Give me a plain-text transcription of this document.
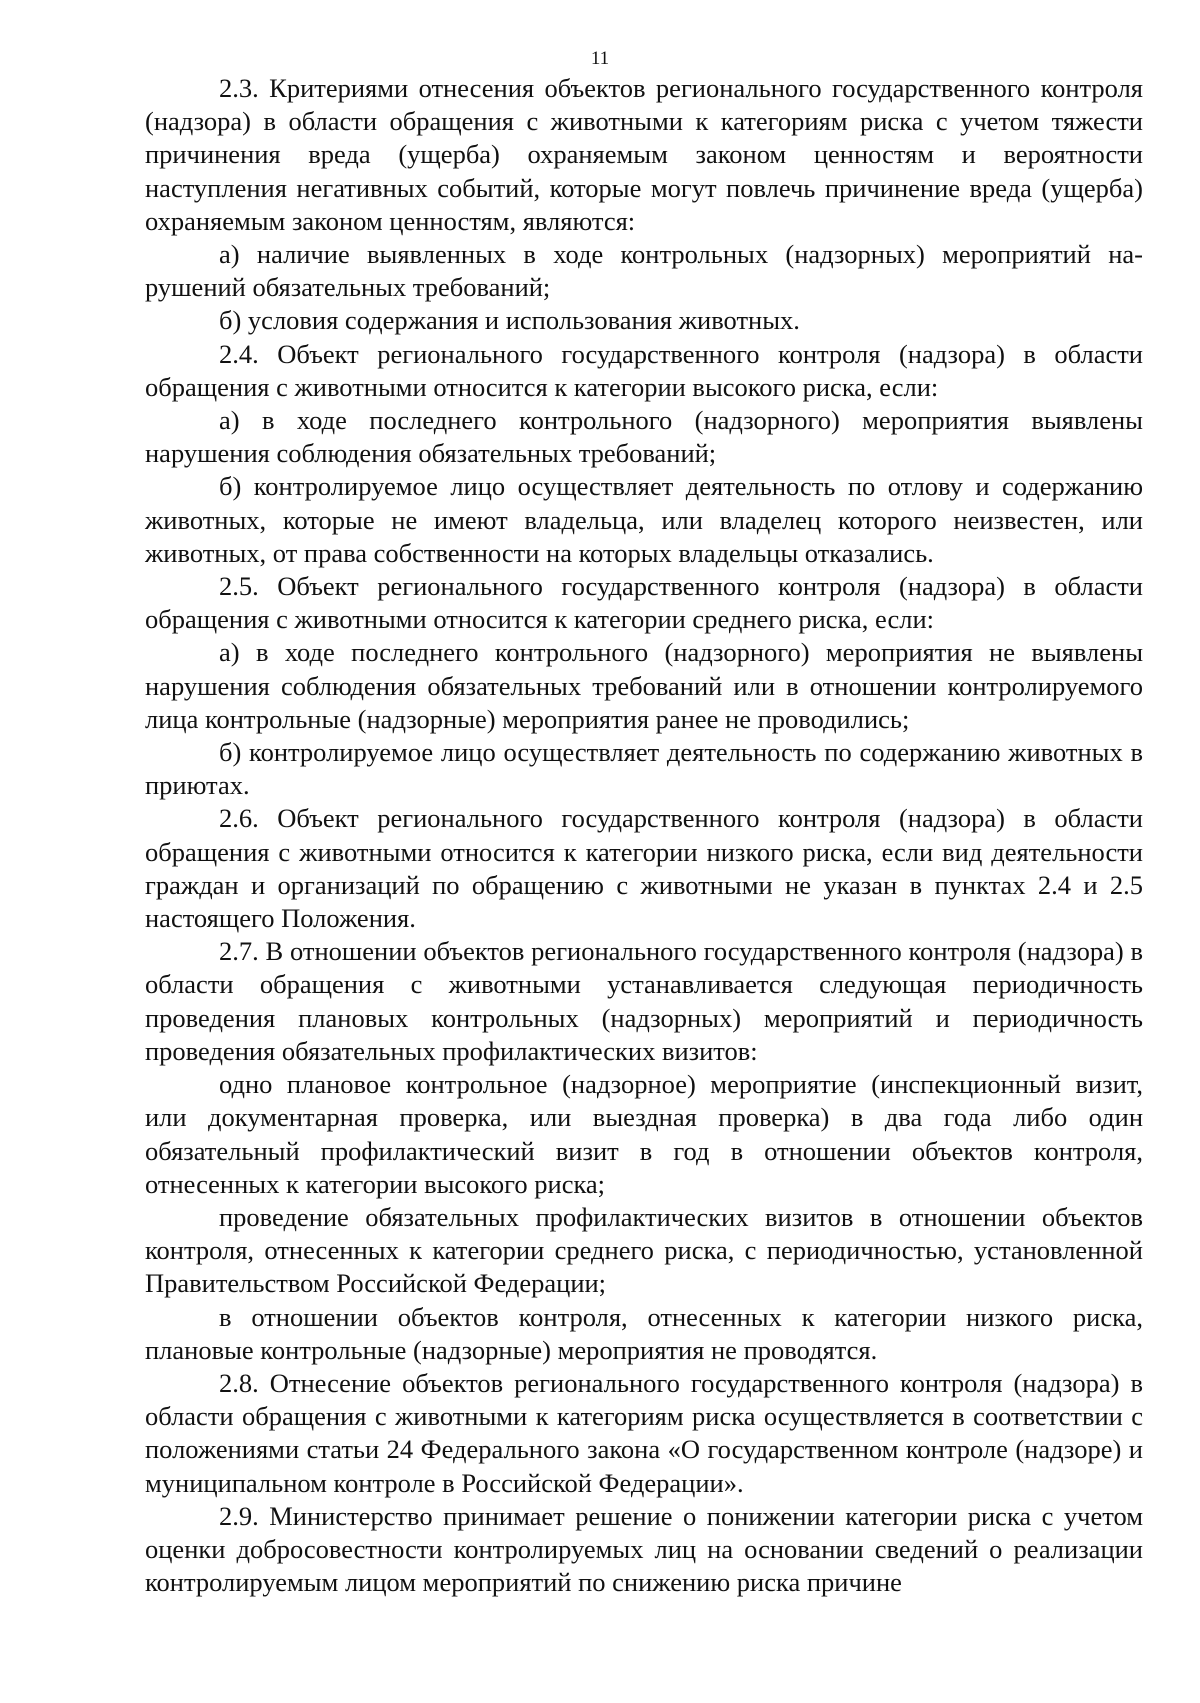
11

2.3. Критериями отнесения объектов регионального государственного контроля (надзора) в области обращения с животными к категориям риска с учетом тяжести причинения вреда (ущерба) охраняемым законом ценностям и вероятности наступления негативных событий, которые могут повлечь причинение вреда (ущерба) охраняемым законом ценностям, являются:

а) наличие выявленных в ходе контрольных (надзорных) мероприятий нарушений обязательных требований;

б) условия содержания и использования животных.

2.4. Объект регионального государственного контроля (надзора) в области обращения с животными относится к категории высокого риска, если:

а) в ходе последнего контрольного (надзорного) мероприятия выявлены нарушения соблюдения обязательных требований;

б) контролируемое лицо осуществляет деятельность по отлову и содержанию животных, которые не имеют владельца, или владелец которого неизвестен, или животных, от права собственности на которых владельцы отказались.

2.5. Объект регионального государственного контроля (надзора) в области обращения с животными относится к категории среднего риска, если:

а) в ходе последнего контрольного (надзорного) мероприятия не выявлены нарушения соблюдения обязательных требований или в отношении контролируемого лица контрольные (надзорные) мероприятия ранее не проводились;

б) контролируемое лицо осуществляет деятельность по содержанию животных в приютах.

2.6. Объект регионального государственного контроля (надзора) в области обращения с животными относится к категории низкого риска, если вид деятельности граждан и организаций по обращению с животными не указан в пунктах 2.4 и 2.5 настоящего Положения.

2.7. В отношении объектов регионального государственного контроля (надзора) в области обращения с животными устанавливается следующая периодичность проведения плановых контрольных (надзорных) мероприятий и периодичность проведения обязательных профилактических визитов:

одно плановое контрольное (надзорное) мероприятие (инспекционный визит, или документарная проверка, или выездная проверка) в два года либо один обязательный профилактический визит в год в отношении объектов контроля, отнесенных к категории высокого риска;

проведение обязательных профилактических визитов в отношении объектов контроля, отнесенных к категории среднего риска, с периодичностью, установленной Правительством Российской Федерации;

в отношении объектов контроля, отнесенных к категории низкого риска, плановые контрольные (надзорные) мероприятия не проводятся.

2.8. Отнесение объектов регионального государственного контроля (надзора) в области обращения с животными к категориям риска осуществляется в соответствии с положениями статьи 24 Федерального закона «О государственном контроле (надзоре) и муниципальном контроле в Российской Федерации».

2.9. Министерство принимает решение о понижении категории риска с учетом оценки добросовестности контролируемых лиц на основании сведений о реализации контролируемым лицом мероприятий по снижению риска причине
